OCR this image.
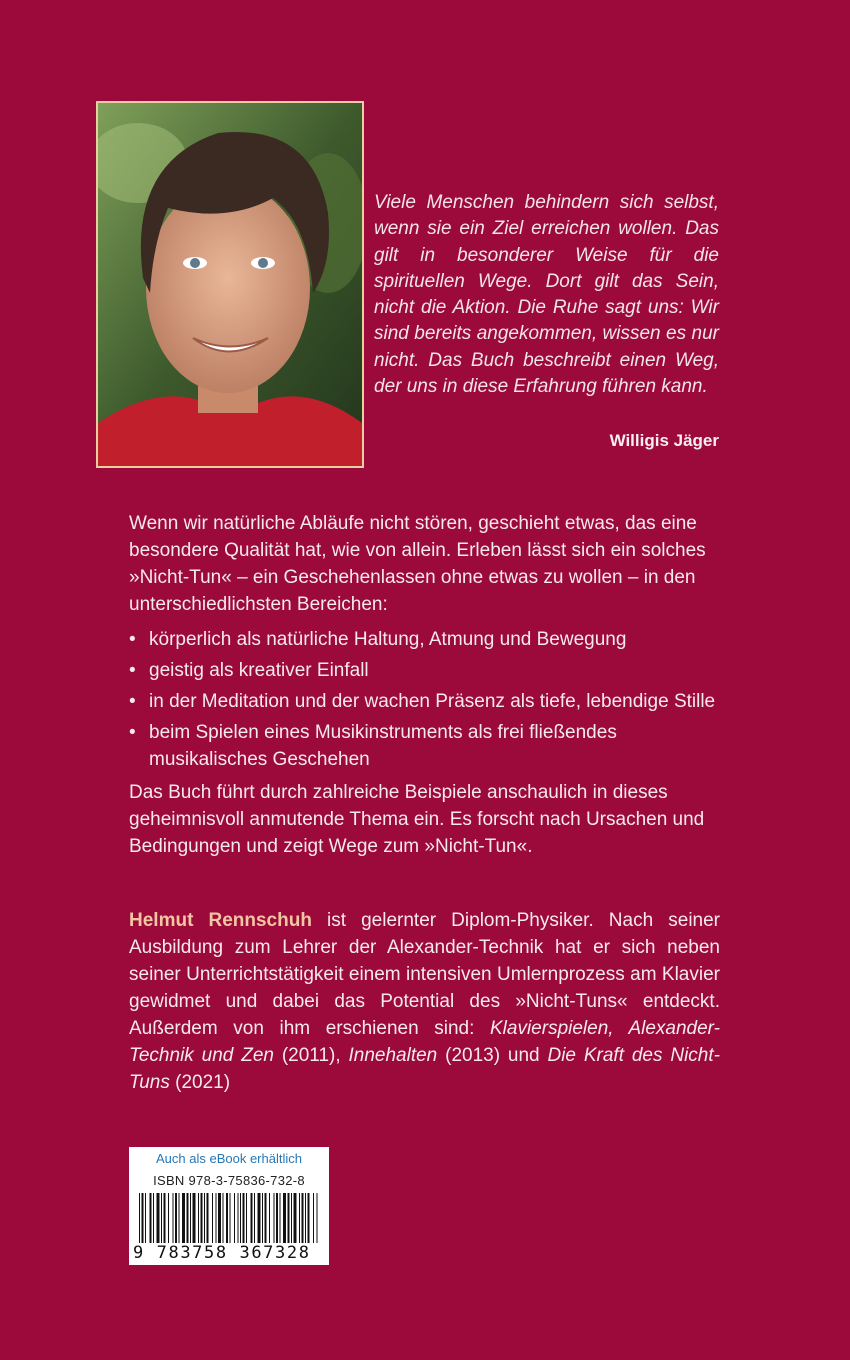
Viele Menschen behindern sich selbst, wenn sie ein Ziel erreichen wollen. Das gilt in besonderer Weise für die spirituellen Wege. Dort gilt das Sein, nicht die Aktion. Die Ruhe sagt uns: Wir sind bereits angekommen, wissen es nur nicht. Das Buch beschreibt einen Weg, der uns in diese Erfahrung führen kann.
Willigis Jäger

Wenn wir natürliche Abläufe nicht stören, geschieht etwas, das eine besondere Qualität hat, wie von allein. Erleben lässt sich ein solches »Nicht-Tun« – ein Geschehenlassen ohne etwas zu wollen – in den unterschiedlichsten Bereichen:

• körperlich als natürliche Haltung, Atmung und Bewegung
• geistig als kreativer Einfall
• in der Meditation und der wachen Präsenz als tiefe, lebendige Stille
• beim Spielen eines Musikinstruments als frei fließendes musikalisches Geschehen

Das Buch führt durch zahlreiche Beispiele anschaulich in dieses geheimnisvoll anmutende Thema ein. Es forscht nach Ursachen und Bedingungen und zeigt Wege zum »Nicht-Tun«.

Helmut Rennschuh ist gelernter Diplom-Physiker. Nach seiner Ausbildung zum Lehrer der Alexander-Technik hat er sich neben seiner Unterrichtstätigkeit einem intensiven Umlernprozess am Klavier gewidmet und dabei das Potential des »Nicht-Tuns« entdeckt. Außerdem von ihm erschienen sind: Klavierspielen, Alexander-Technik und Zen (2011), Innehalten (2013) und Die Kraft des Nicht-Tuns (2021)
Auch als eBook erhältlich
ISBN 978-3-75836-732-8
9 783758 367328
